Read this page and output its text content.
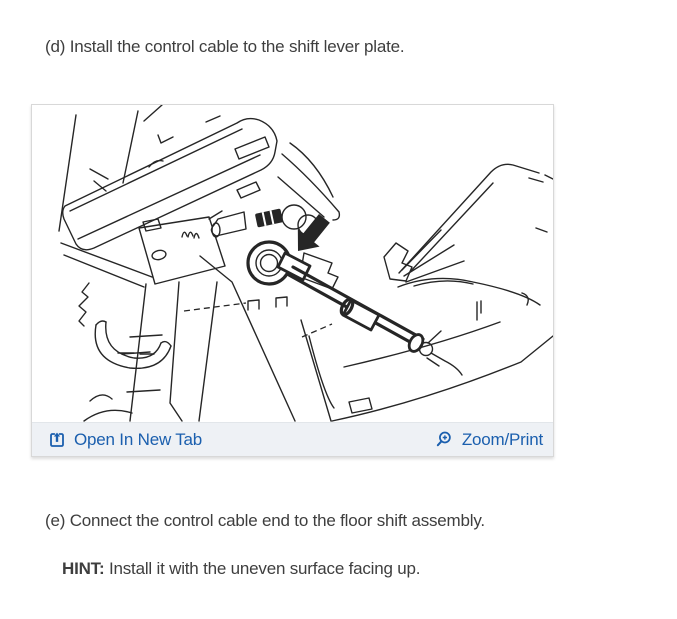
(d) Install the control cable to the shift lever plate.

Open In New Tab	Zoom/Print

(e) Connect the control cable end to the floor shift assembly.

HINT: Install it with the uneven surface facing up.
